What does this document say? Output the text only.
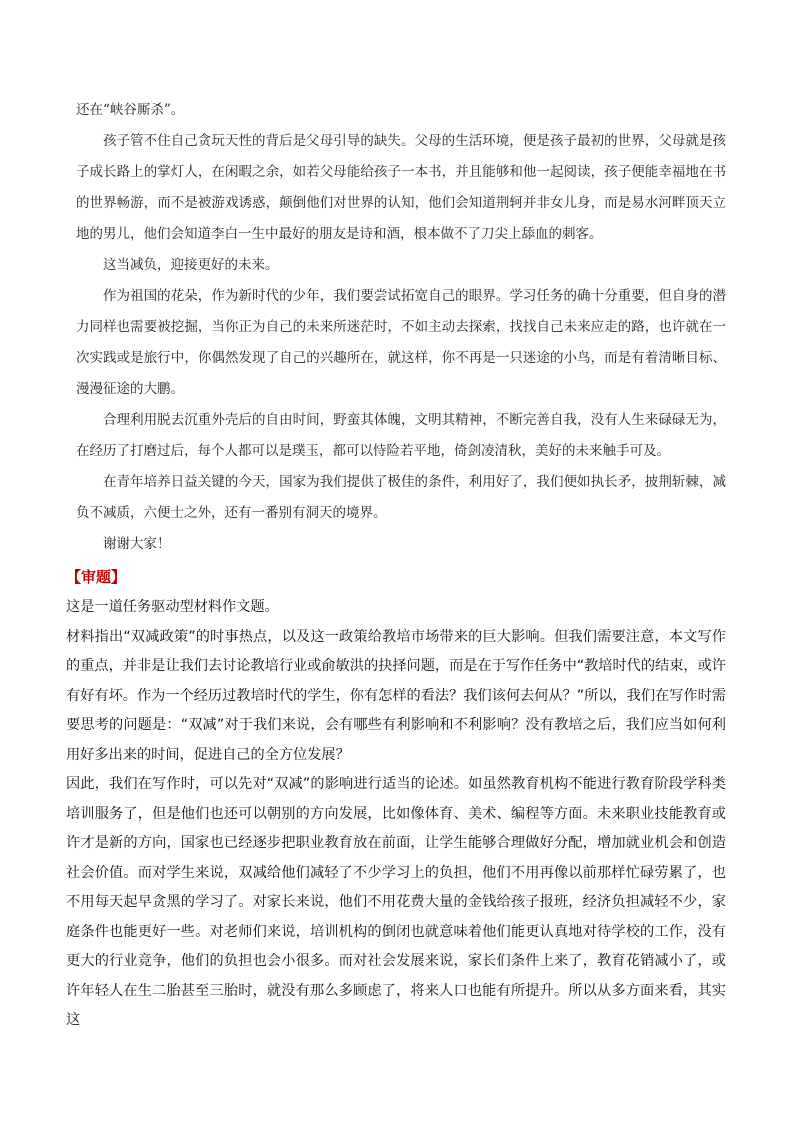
还在“峡谷厮杀”。

孩子管不住自己贪玩天性的背后是父母引导的缺失。父母的生活环境，便是孩子最初的世界，父母就是孩子成长路上的掌灯人，在闲暇之余，如若父母能给孩子一本书，并且能够和他一起阅读，孩子便能幸福地在书的世界畅游，而不是被游戏诱惑，颠倒他们对世界的认知，他们会知道荆轲并非女儿身，而是易水河畔顶天立地的男儿，他们会知道李白一生中最好的朋友是诗和酒，根本做不了刀尖上舔血的刺客。

这当减负，迎接更好的未来。

作为祖国的花朵，作为新时代的少年，我们要尝试拓宽自己的眼界。学习任务的确十分重要，但自身的潜力同样也需要被挖掘，当你正为自己的未来所迷茫时，不如主动去探索，找找自己未来应走的路，也许就在一次实践或是旅行中，你偶然发现了自己的兴趣所在，就这样，你不再是一只迷途的小鸟，而是有着清晰目标、漫漫征途的大鹏。

合理利用脱去沉重外壳后的自由时间，野蛮其体魄，文明其精神，不断完善自我，没有人生来碌碌无为，在经历了打磨过后，每个人都可以是璞玉，都可以恃险若平地，倚剑凌清秋，美好的未来触手可及。

在青年培养日益关键的今天，国家为我们提供了极佳的条件，利用好了，我们便如执长矛，披荆斩棘，减负不减质，六便士之外，还有一番别有洞天的境界。

谢谢大家！

【审题】

这是一道任务驱动型材料作文题。

材料指出“双减政策”的时事热点，以及这一政策给教培市场带来的巨大影响。但我们需要注意，本文写作的重点，并非是让我们去讨论教培行业或俞敏洪的抉择问题，而是在于写作任务中“教培时代的结束，或许有好有坏。作为一个经历过教培时代的学生，你有怎样的看法？我们该何去何从？”所以，我们在写作时需要思考的问题是：“双减”对于我们来说，会有哪些有利影响和不利影响？没有教培之后，我们应当如何利用好多出来的时间，促进自己的全方位发展？

因此，我们在写作时，可以先对“双减”的影响进行适当的论述。如虽然教育机构不能进行教育阶段学科类培训服务了，但是他们也还可以朝别的方向发展，比如像体育、美术、编程等方面。未来职业技能教育或许才是新的方向，国家也已经逐步把职业教育放在前面，让学生能够合理做好分配，增加就业机会和创造社会价值。而对学生来说，双减给他们减轻了不少学习上的负担，他们不用再像以前那样忙碌劳累了，也不用每天起早贪黑的学习了。对家长来说，他们不用花费大量的金钱给孩子报班，经济负担减轻不少，家庭条件也能更好一些。对老师们来说，培训机构的倒闭也就意味着他们能更认真地对待学校的工作，没有更大的行业竞争，他们的负担也会小很多。而对社会发展来说，家长们条件上来了，教育花销减小了，或许年轻人在生二胎甚至三胎时，就没有那么多顾虑了，将来人口也能有所提升。所以从多方面来看，其实这
